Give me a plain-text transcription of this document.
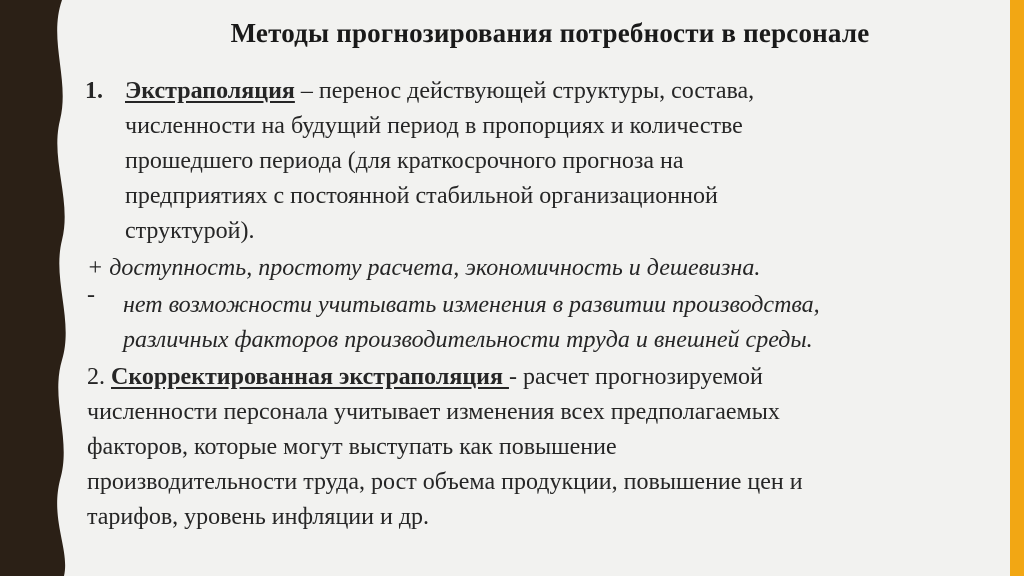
Методы прогнозирования потребности в персонале
1. Экстраполяция – перенос действующей структуры, состава,
численности на будущий период в пропорциях и количестве
прошедшего периода (для краткосрочного прогноза на
предприятиях с постоянной стабильной организационной
структурой).
+ доступность, простоту расчета, экономичность и дешевизна.
- нет возможности учитывать изменения в развитии производства,
различных факторов производительности труда и внешней среды.
2. Скорректированная экстраполяция - расчет прогнозируемой
численности персонала учитывает изменения всех предполагаемых
факторов, которые могут выступать как повышение
производительности труда, рост объема продукции, повышение цен и
тарифов, уровень инфляции и др.
